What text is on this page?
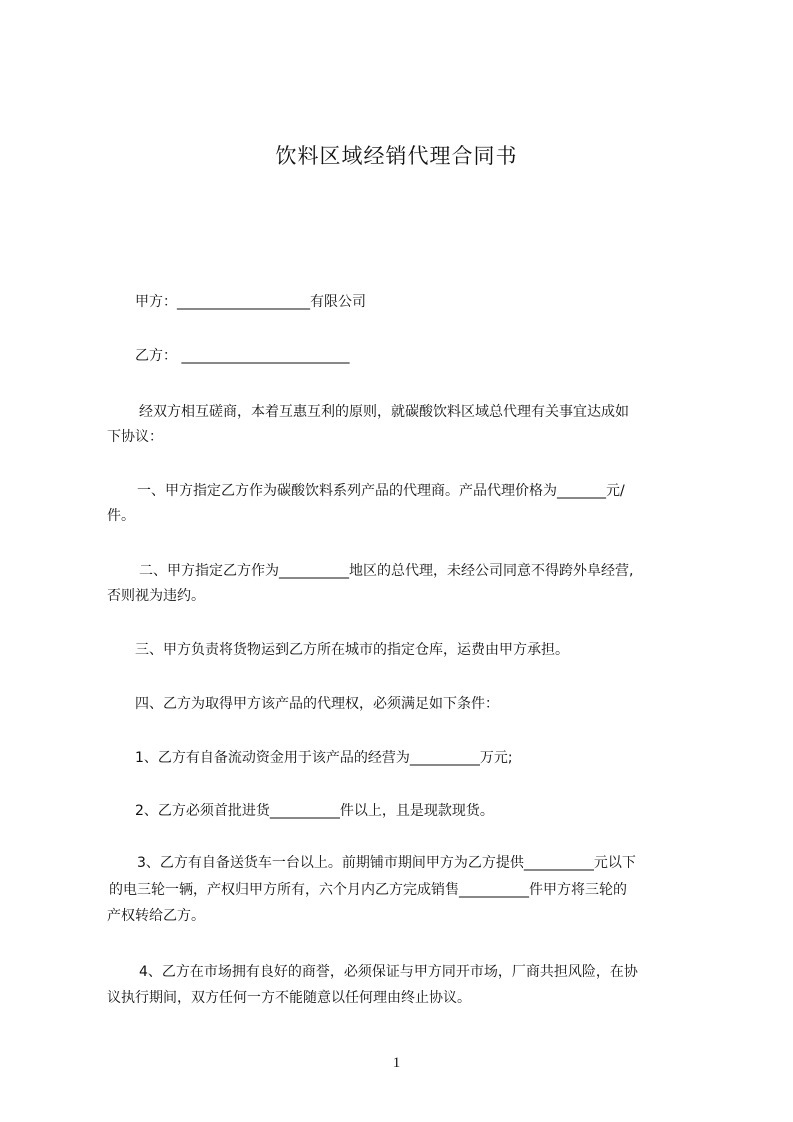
饮料区域经销代理合同书
甲方：___________________有限公司
乙方： ________________________
经双方相互磋商，本着互惠互利的原则，就碳酸饮料区域总代理有关事宜达成如
下协议：
一、甲方指定乙方作为碳酸饮料系列产品的代理商。产品代理价格为_______元/
件。
二、甲方指定乙方作为__________地区的总代理，未经公司同意不得跨外阜经营,
否则视为违约。
三、甲方负责将货物运到乙方所在城市的指定仓库，运费由甲方承担。
四、乙方为取得甲方该产品的代理权，必须满足如下条件：
1、乙方有自备流动资金用于该产品的经营为__________万元;
2、乙方必须首批进货__________件以上，且是现款现货。
3、乙方有自备送货车一台以上。前期铺市期间甲方为乙方提供__________元以下
的电三轮一辆，产权归甲方所有，六个月内乙方完成销售__________件甲方将三轮的
产权转给乙方。
4、乙方在市场拥有良好的商誉，必须保证与甲方同开市场，厂商共担风险，在协
议执行期间，双方任何一方不能随意以任何理由终止协议。
1
